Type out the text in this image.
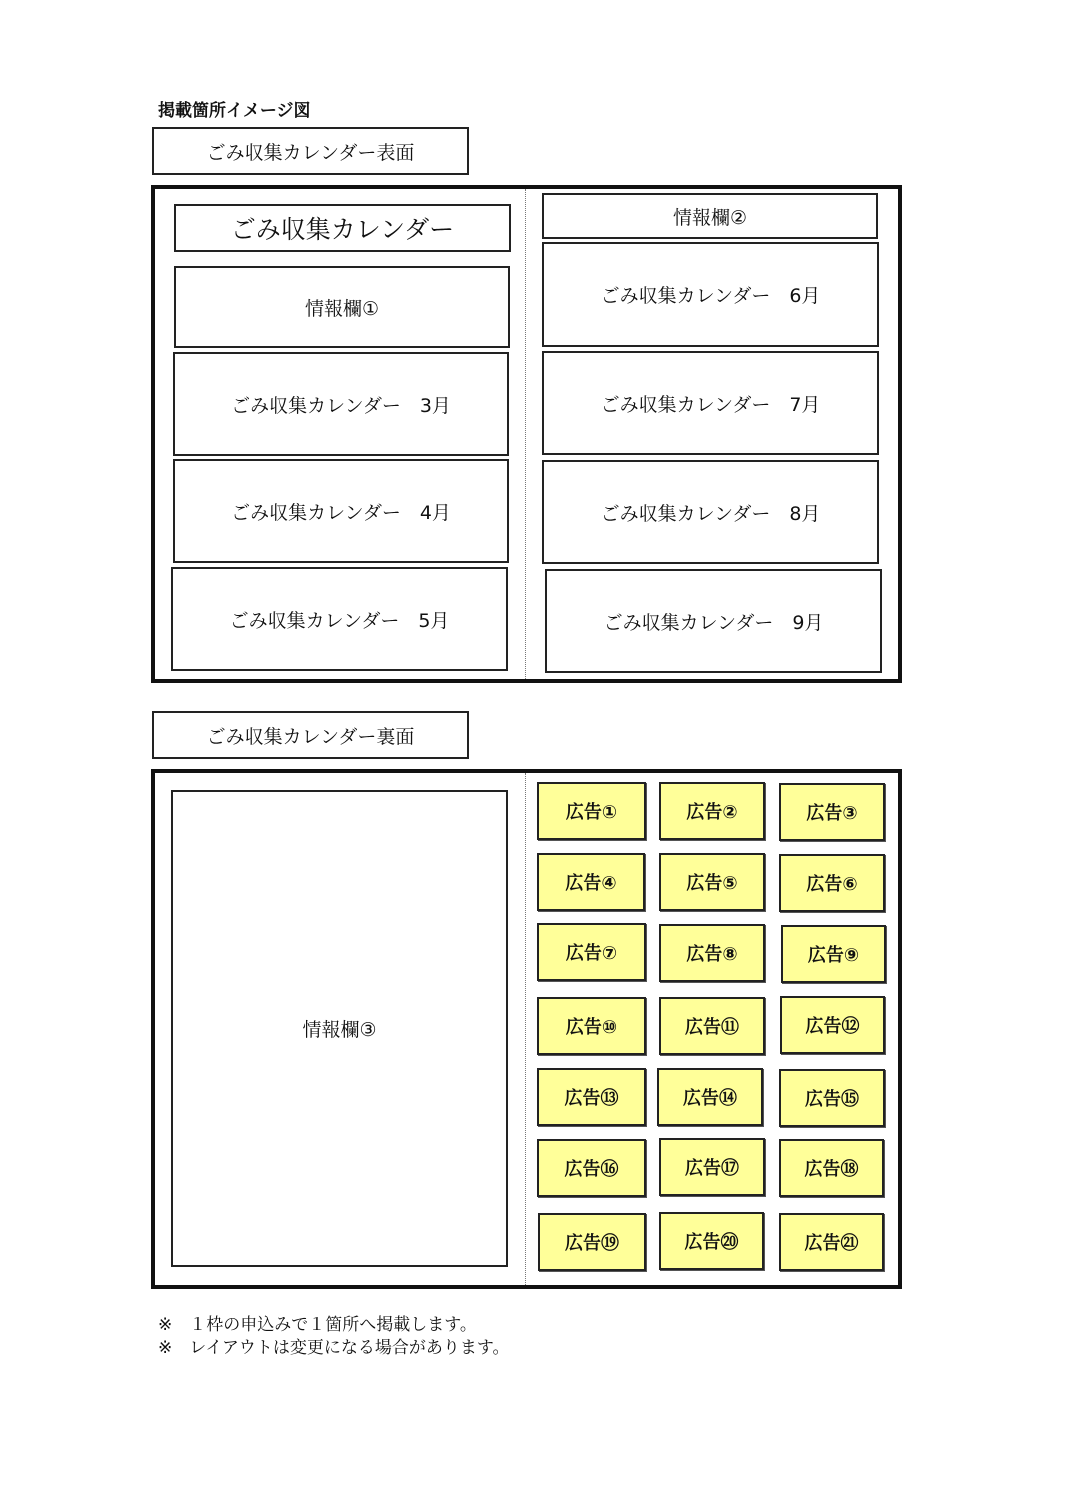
掲載箇所イメージ図
ごみ収集カレンダー表面
ごみ収集カレンダー
情報欄①
ごみ収集カレンダー　3月
ごみ収集カレンダー　4月
ごみ収集カレンダー　5月
情報欄②
ごみ収集カレンダー　6月
ごみ収集カレンダー　7月
ごみ収集カレンダー　8月
ごみ収集カレンダー　9月
ごみ収集カレンダー裏面
情報欄③
広告①	広告②	広告③
広告④	広告⑤	広告⑥
広告⑦	広告⑧	広告⑨
広告⑩	広告⑪	広告⑫
広告⑬	広告⑭	広告⑮
広告⑯	広告⑰	広告⑱
広告⑲	広告⑳	広告㉑
※　１枠の申込みで１箇所へ掲載します。
※　レイアウトは変更になる場合があります。
